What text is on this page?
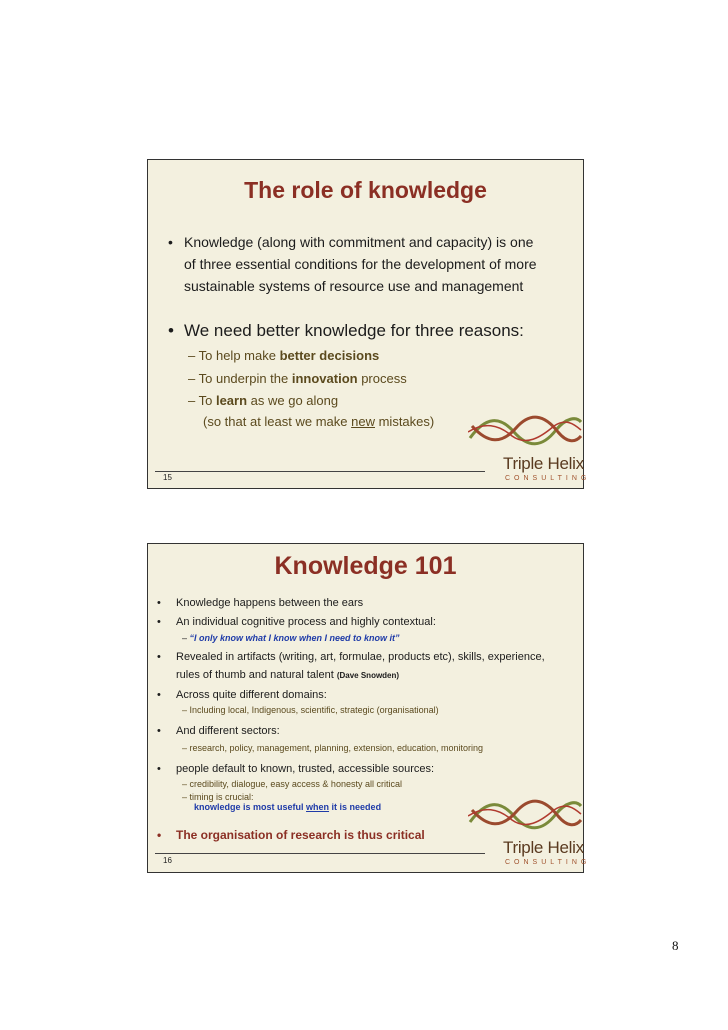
The role of knowledge
• Knowledge (along with commitment and capacity) is one
of three essential conditions for the development of more
sustainable systems of resource use and management
• We need better knowledge for three reasons:
– To help make better decisions
– To underpin the innovation process
– To learn as we go along
(so that at least we make new mistakes)
15
Triple Helix
CONSULTING
Knowledge 101
• Knowledge happens between the ears
• An individual cognitive process and highly contextual:
– “I only know what I know when I need to know it”
• Revealed in artifacts (writing, art, formulae, products etc), skills, experience,
rules of thumb and natural talent (Dave Snowden)
• Across quite different domains:
– Including local, Indigenous, scientific, strategic (organisational)
• And different sectors:
– research, policy, management, planning, extension, education, monitoring
• people default to known, trusted, accessible sources:
– credibility, dialogue, easy access & honesty all critical
– timing is crucial:
knowledge is most useful when it is needed
• The organisation of research is thus critical
16
Triple Helix
CONSULTING
8
